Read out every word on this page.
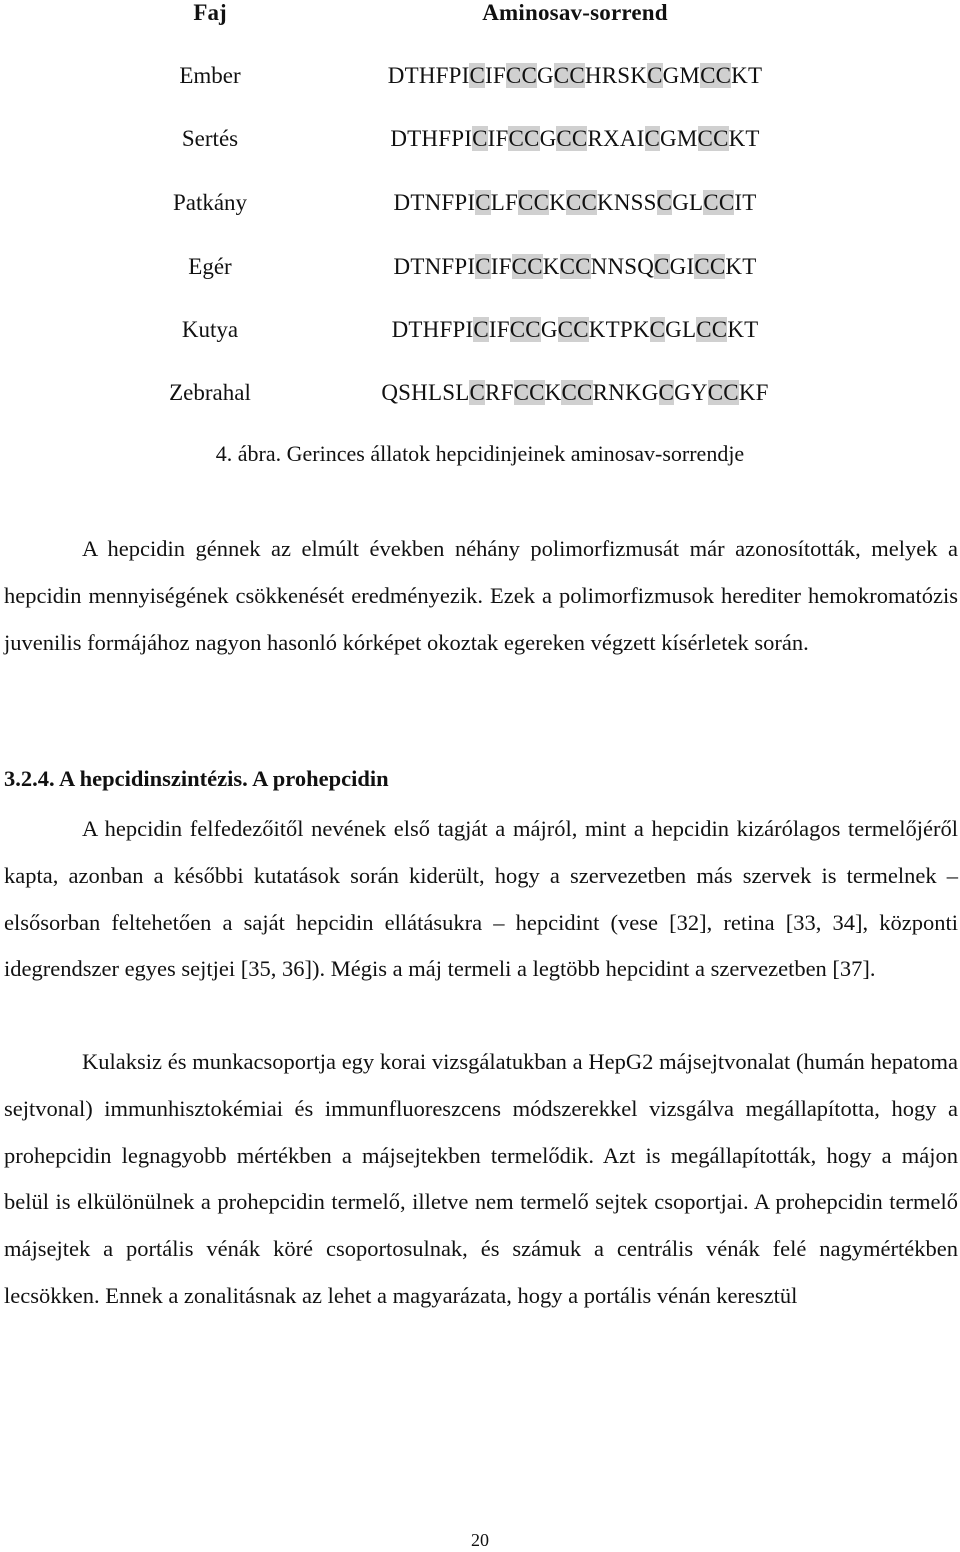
Faj	Aminosav-sorrend
Ember	DTHFPICIFCCGCCHRSKCGMCCKT
Sertés	DTHFPICIFCCGCCRXAICGMCCKT
Patkány	DTNFPICLFCCKCCKNSSCGLCCIT
Egér	DTNFPICIFCCKCCNNSQCGICCKT
Kutya	DTHFPICIFCCGCCKTPKCGLCCKT
Zebrahal	QSHLSLCRFCCKCCRNKGCGYCCKF
4. ábra. Gerinces állatok hepcidinjeinek aminosav-sorrendje

A hepcidin génnek az elmúlt években néhány polimorfizmusát már azonosították, melyek a hepcidin mennyiségének csökkenését eredményezik. Ezek a polimorfizmusok herediter hemokromatózis juvenilis formájához nagyon hasonló kórképet okoztak egereken végzett kísérletek során.

3.2.4. A hepcidinszintézis. A prohepcidin

A hepcidin felfedezőitől nevének első tagját a májról, mint a hepcidin kizárólagos termelőjéről kapta, azonban a későbbi kutatások során kiderült, hogy a szervezetben más szervek is termelnek – elsősorban feltehetően a saját hepcidin ellátásukra – hepcidint (vese [32], retina [33, 34], központi idegrendszer egyes sejtjei [35, 36]). Mégis a máj termeli a legtöbb hepcidint a szervezetben [37].

Kulaksiz és munkacsoportja egy korai vizsgálatukban a HepG2 májsejtvonalat (humán hepatoma sejtvonal) immunhisztokémiai és immunfluoreszcens módszerekkel vizsgálva megállapította, hogy a prohepcidin legnagyobb mértékben a májsejtekben termelődik. Azt is megállapították, hogy a májon belül is elkülönülnek a prohepcidin termelő, illetve nem termelő sejtek csoportjai. A prohepcidin termelő májsejtek a portális vénák köré csoportosulnak, és számuk a centrális vénák felé nagymértékben lecsökken. Ennek a zonalitásnak az lehet a magyarázata, hogy a portális vénán keresztül

20
